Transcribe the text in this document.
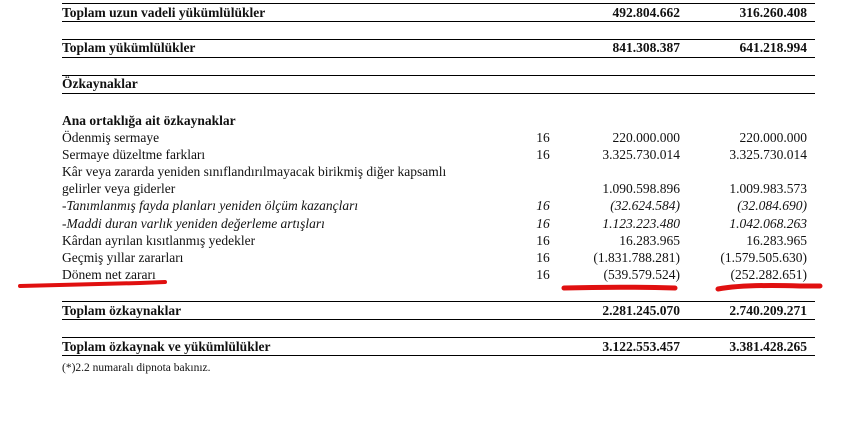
Toplam uzun vadeli yükümlülükler	492.804.662	316.260.408
Toplam yükümlülükler	841.308.387	641.218.994
Özkaynaklar
Ana ortaklığa ait özkaynaklar
Ödenmiş sermaye	16	220.000.000	220.000.000
Sermaye düzeltme farkları	16	3.325.730.014	3.325.730.014
Kâr veya zararda yeniden sınıflandırılmayacak birikmiş diğer kapsamlı
gelirler veya giderler	1.090.598.896	1.009.983.573
-Tanımlanmış fayda planları yeniden ölçüm kazançları	16	(32.624.584)	(32.084.690)
-Maddi duran varlık yeniden değerleme artışları	16	1.123.223.480	1.042.068.263
Kârdan ayrılan kısıtlanmış yedekler	16	16.283.965	16.283.965
Geçmiş yıllar zararları	16	(1.831.788.281)	(1.579.505.630)
Dönem net zararı	16	(539.579.524)	(252.282.651)
Toplam özkaynaklar	2.281.245.070	2.740.209.271
Toplam özkaynak ve yükümlülükler	3.122.553.457	3.381.428.265
(*)2.2 numaralı dipnota bakınız.
